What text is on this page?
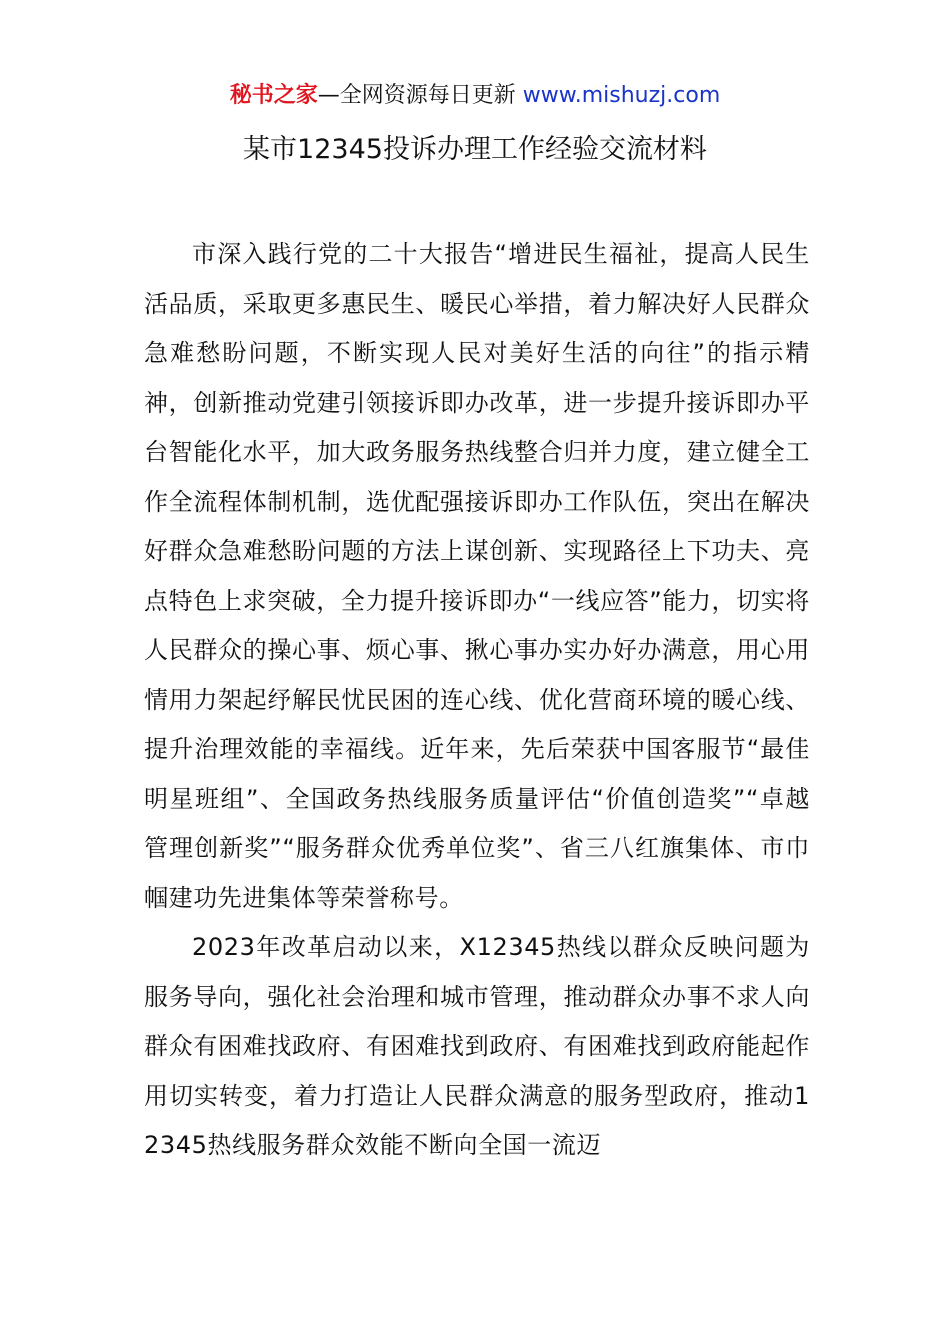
秘书之家—全网资源每日更新 www.mishuzj.com
某市12345投诉办理工作经验交流材料

市深入践行党的二十大报告“增进民生福祉，提高人民生活品质，采取更多惠民生、暖民心举措，着力解决好人民群众急难愁盼问题，不断实现人民对美好生活的向往”的指示精神，创新推动党建引领接诉即办改革，进一步提升接诉即办平台智能化水平，加大政务服务热线整合归并力度，建立健全工作全流程体制机制，选优配强接诉即办工作队伍，突出在解决好群众急难愁盼问题的方法上谋创新、实现路径上下功夫、亮点特色上求突破，全力提升接诉即办“一线应答”能力，切实将人民群众的操心事、烦心事、揪心事办实办好办满意，用心用情用力架起纾解民忧民困的连心线、优化营商环境的暖心线、提升治理效能的幸福线。近年来，先后荣获中国客服节“最佳明星班组”、全国政务热线服务质量评估“价值创造奖”“卓越管理创新奖”“服务群众优秀单位奖”、省三八红旗集体、市巾帼建功先进集体等荣誉称号。

2023年改革启动以来，X12345热线以群众反映问题为服务导向，强化社会治理和城市管理，推动群众办事不求人向群众有困难找政府、有困难找到政府、有困难找到政府能起作用切实转变，着力打造让人民群众满意的服务型政府，推动12345热线服务群众效能不断向全国一流迈
